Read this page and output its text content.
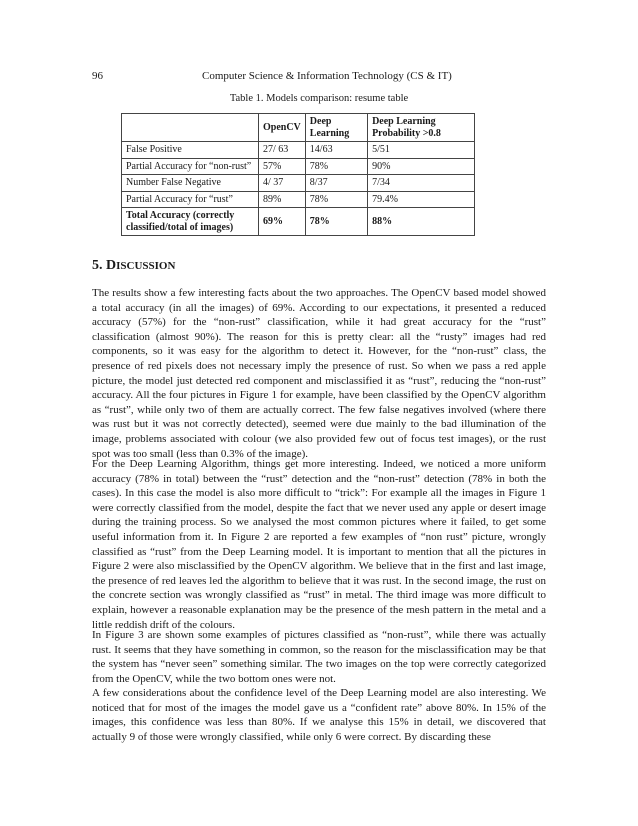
96	Computer Science & Information Technology (CS & IT)
Table 1. Models comparison: resume table
	OpenCV	Deep Learning	Deep Learning Probability >0.8
False Positive	27/ 63	14/63	5/51
Partial Accuracy for “non-rust”	57%	78%	90%
Number False Negative	4/ 37	8/37	7/34
Partial Accuracy for “rust”	89%	78%	79.4%
Total Accuracy (correctly classified/total of images)	69%	78%	88%
5. DISCUSSION

The results show a few interesting facts about the two approaches. The OpenCV based model showed a total accuracy (in all the images) of 69%. According to our expectations, it presented a reduced accuracy (57%) for the “non-rust” classification, while it had great accuracy for the “rust” classification (almost 90%). The reason for this is pretty clear: all the “rusty” images had red components, so it was easy for the algorithm to detect it. However, for the “non-rust” class, the presence of red pixels does not necessary imply the presence of rust. So when we pass a red apple picture, the model just detected red component and misclassified it as “rust”, reducing the “non-rust” accuracy. All the four pictures in Figure 1 for example, have been classified by the OpenCV algorithm as “rust”, while only two of them are actually correct. The few false negatives involved (where there was rust but it was not correctly detected), seemed were due mainly to the bad illumination of the image, problems associated with colour (we also provided few out of focus test images), or the rust spot was too small (less than 0.3% of the image).

For the Deep Learning Algorithm, things get more interesting. Indeed, we noticed a more uniform accuracy (78% in total) between the “rust” detection and the “non-rust” detection (78% in both the cases). In this case the model is also more difficult to “trick”: For example all the images in Figure 1 were correctly classified from the model, despite the fact that we never used any apple or desert image during the training process. So we analysed the most common pictures where it failed, to get some useful information from it. In Figure 2 are reported a few examples of “non rust” picture, wrongly classified as “rust” from the Deep Learning model. It is important to mention that all the pictures in Figure 2 were also misclassified by the OpenCV algorithm. We believe that in the first and last image, the presence of red leaves led the algorithm to believe that it was rust. In the second image, the rust on the concrete section was wrongly classified as “rust” in metal. The third image was more difficult to explain, however a reasonable explanation may be the presence of the mesh pattern in the metal and a little reddish drift of the colours.

In Figure 3 are shown some examples of pictures classified as “non-rust”, while there was actually rust. It seems that they have something in common, so the reason for the misclassification may be that the system has “never seen” something similar. The two images on the top were correctly categorized from the OpenCV, while the two bottom ones were not.

A few considerations about the confidence level of the Deep Learning model are also interesting. We noticed that for most of the images the model gave us a “confident rate” above 80%. In 15% of the images, this confidence was less than 80%. If we analyse this 15% in detail, we discovered that actually 9 of those were wrongly classified, while only 6 were correct. By discarding these
